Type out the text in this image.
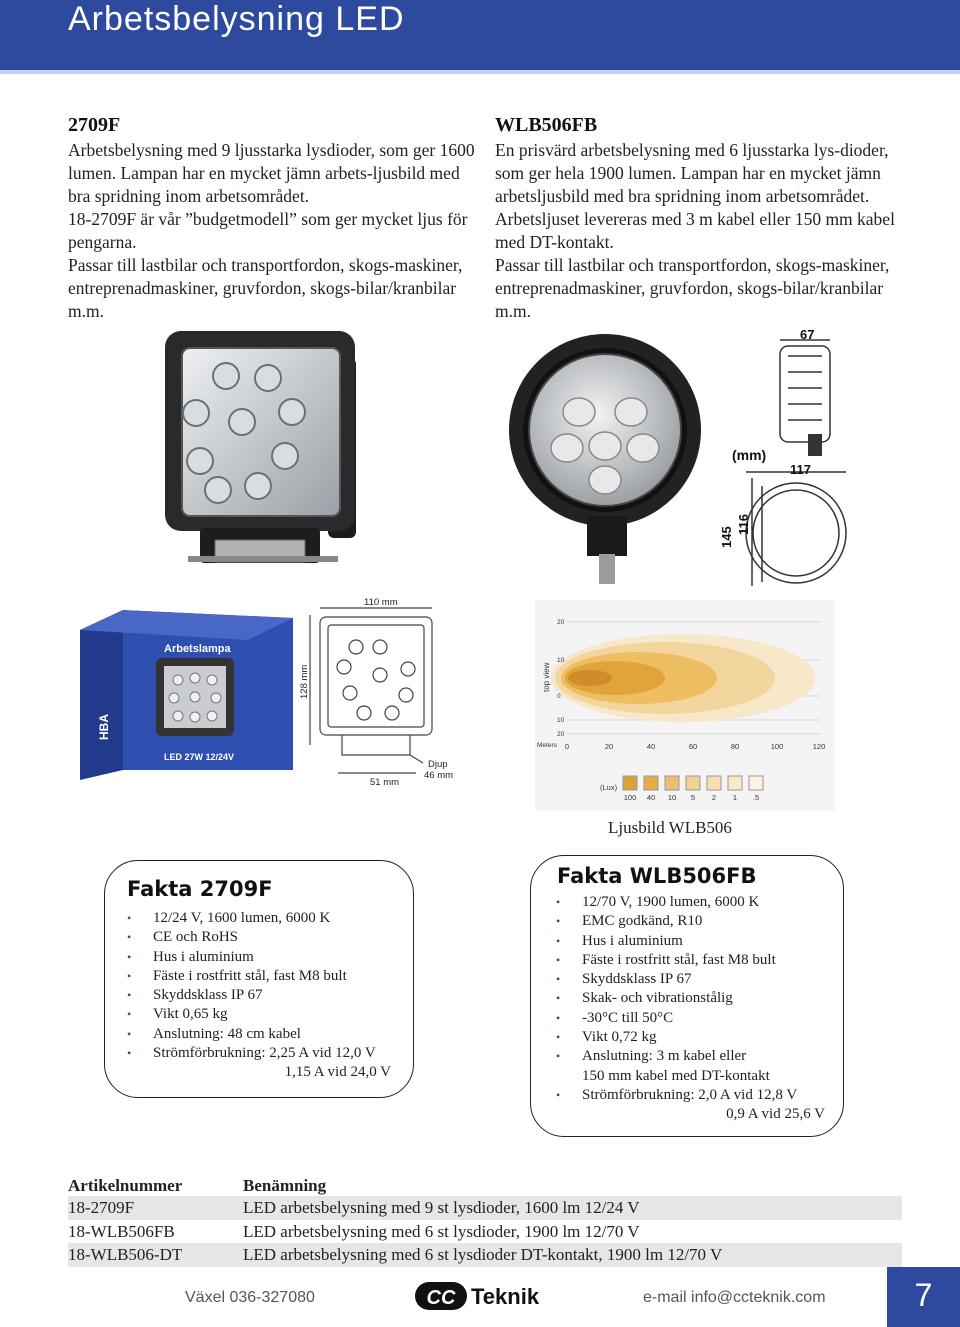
Arbetsbelysning LED
2709F

Arbetsbelysning med 9 ljusstarka lysdioder, som ger 1600 lumen. Lampan har en mycket jämn arbets-ljusbild med bra spridning inom arbetsområdet.

18-2709F är vår ”budgetmodell” som ger mycket ljus för pengarna.

Passar till lastbilar och transportfordon, skogs-maskiner, entreprenadmaskiner, gruvfordon, skogs-bilar/kranbilar m.m.

WLB506FB

En prisvärd arbetsbelysning med 6 ljusstarka lys-dioder, som ger hela 1900 lumen. Lampan har en mycket jämn arbetsljusbild med bra spridning inom arbetsområdet. Arbetsljuset levereras med 3 m kabel eller 150 mm kabel med DT-kontakt.

Passar till lastbilar och transportfordon, skogs-maskiner, entreprenadmaskiner, gruvfordon, skogs-bilar/kranbilar m.m.

67
(mm)
117
145
116
Arbetslampa
LED 27W 12/24V
HBA
110 mm
128 mm
51 mm
Djup
46 mm
top view
Meters
20
10
0
10
20
0	20	40	60	80	100	120
(Lux)
100 40 10 5 2 1 .5
Ljusbild WLB506
Fakta 2709F
• 12/24 V, 1600 lumen, 6000 K
• CE och RoHS
• Hus i aluminium
• Fäste i rostfritt stål, fast M8 bult
• Skyddsklass IP 67
• Vikt 0,65 kg
• Anslutning: 48 cm kabel
• Strömförbrukning: 2,25 A vid 12,0 V
1,15 A vid 24,0 V
Fakta WLB506FB
• 12/70 V, 1900 lumen, 6000 K
• EMC godkänd, R10
• Hus i aluminium
• Fäste i rostfritt stål, fast M8 bult
• Skyddsklass IP 67
• Skak- och vibrationstålig
• -30°C till 50°C
• Vikt 0,72 kg
• Anslutning: 3 m kabel eller
150 mm kabel med DT-kontakt
• Strömförbrukning: 2,0 A vid 12,8 V
0,9 A vid 25,6 V
Artikelnummer	Benämning
18-2709F	LED arbetsbelysning med 9 st lysdioder, 1600 lm 12/24 V
18-WLB506FB	LED arbetsbelysning med 6 st lysdioder, 1900 lm 12/70 V
18-WLB506-DT	LED arbetsbelysning med 6 st lysdioder DT-kontakt, 1900 lm 12/70 V
Växel 036-327080	CC Teknik	e-mail info@ccteknik.com	7
